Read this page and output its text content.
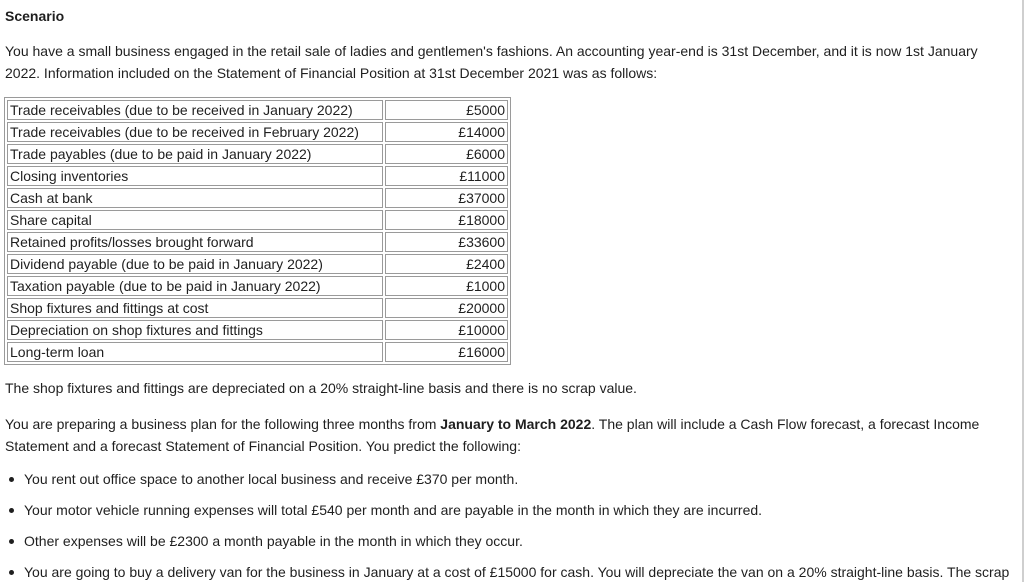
Scenario

You have a small business engaged in the retail sale of ladies and gentlemen's fashions. An accounting year-end is 31st December, and it is now 1st January 2022. Information included on the Statement of Financial Position at 31st December 2021 was as follows:

Trade receivables (due to be received in January 2022)	£5000
Trade receivables (due to be received in February 2022)	£14000
Trade payables (due to be paid in January 2022)	£6000
Closing inventories	£11000
Cash at bank	£37000
Share capital	£18000
Retained profits/losses brought forward	£33600
Dividend payable (due to be paid in January 2022)	£2400
Taxation payable (due to be paid in January 2022)	£1000
Shop fixtures and fittings at cost	£20000
Depreciation on shop fixtures and fittings	£10000
Long-term loan	£16000

The shop fixtures and fittings are depreciated on a 20% straight-line basis and there is no scrap value.

You are preparing a business plan for the following three months from January to March 2022. The plan will include a Cash Flow forecast, a forecast Income Statement and a forecast Statement of Financial Position. You predict the following:

You rent out office space to another local business and receive £370 per month.
Your motor vehicle running expenses will total £540 per month and are payable in the month in which they are incurred.
Other expenses will be £2300 a month payable in the month in which they occur.
You are going to buy a delivery van for the business in January at a cost of £15000 for cash. You will depreciate the van on a 20% straight-line basis. The scrap
